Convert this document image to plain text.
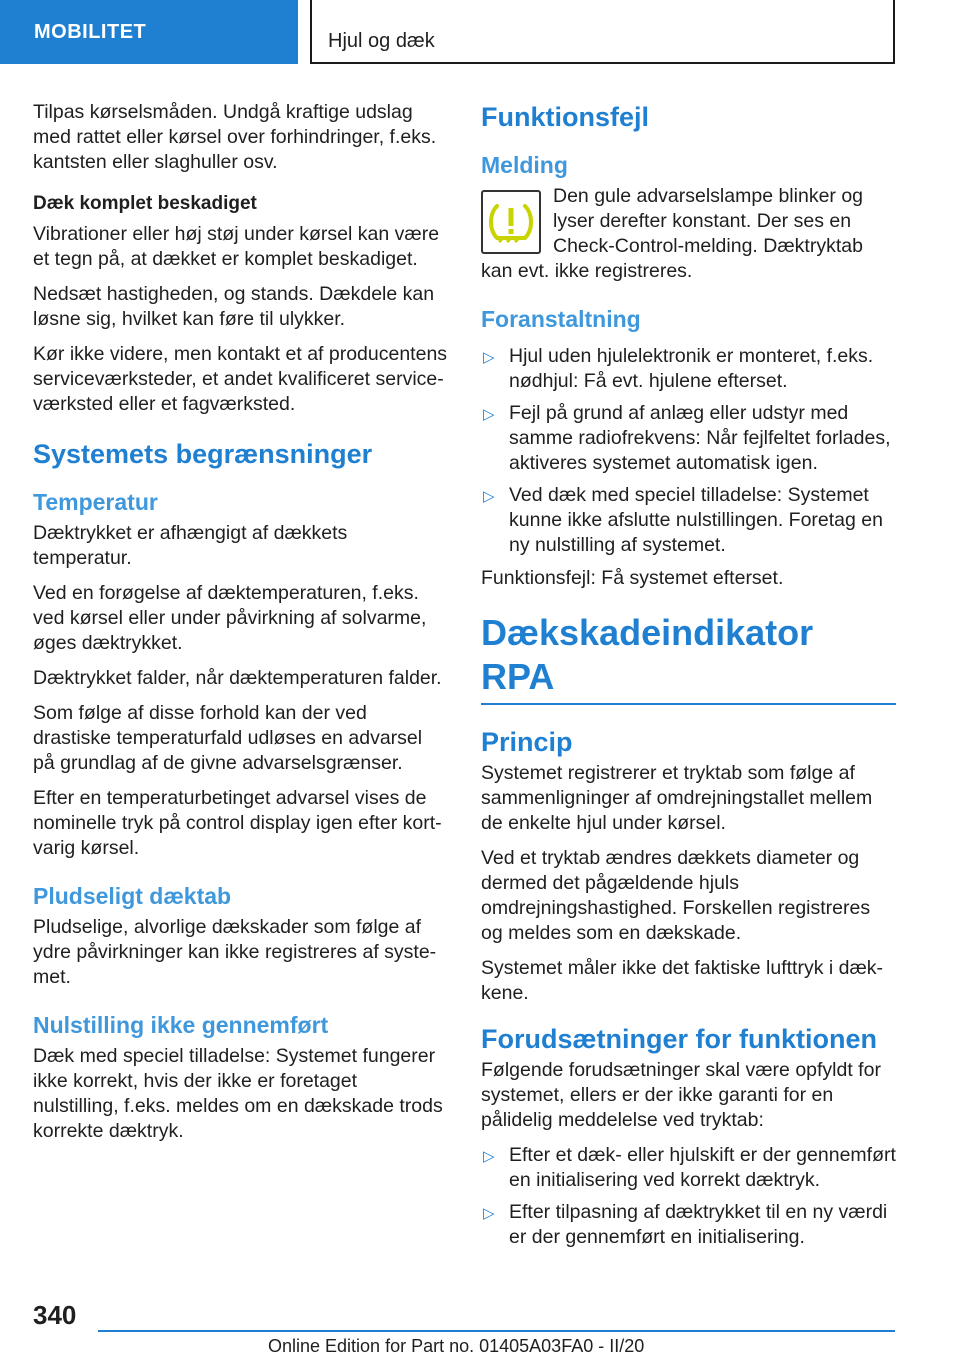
MOBILITET	Hjul og dæk

Tilpas kørselsmåden. Undgå kraftige udslag med rattet eller kørsel over forhindringer, f.eks. kantsten eller slaghuller osv.

Dæk komplet beskadiget

Vibrationer eller høj støj under kørsel kan være et tegn på, at dækket er komplet beskadiget.

Nedsæt hastigheden, og stands. Dækdele kan løsne sig, hvilket kan føre til ulykker.

Kør ikke videre, men kontakt et af producentens serviceværksteder, et andet kvalificeret serviceværksted eller et fagværksted.

Systemets begrænsninger
Temperatur

Dæktrykket er afhængigt af dækkets temperatur.

Ved en forøgelse af dæktemperaturen, f.eks. ved kørsel eller under påvirkning af solvarme, øges dæktrykket.

Dæktrykket falder, når dæktemperaturen falder.

Som følge af disse forhold kan der ved drastiske temperaturfald udløses en advarsel på grundlag af de givne advarselsgrænser.

Efter en temperaturbetinget advarsel vises de nominelle tryk på control display igen efter kortvarig kørsel.

Pludseligt dæktab

Pludselige, alvorlige dækskader som følge af ydre påvirkninger kan ikke registreres af systemet.

Nulstilling ikke gennemført

Dæk med speciel tilladelse: Systemet fungerer ikke korrekt, hvis der ikke er foretaget nulstilling, f.eks. meldes om en dækskade trods korrekte dæktryk.

Funktionsfejl
Melding

Den gule advarselslampe blinker og lyser derefter konstant. Der ses en Check-Control-melding. Dæktryktab kan evt. ikke registreres.

Foranstaltning
▷ Hjul uden hjulelektronik er monteret, f.eks. nødhjul: Få evt. hjulene efterset.
▷ Fejl på grund af anlæg eller udstyr med samme radiofrekvens: Når fejlfeltet forlades, aktiveres systemet automatisk igen.
▷ Ved dæk med speciel tilladelse: Systemet kunne ikke afslutte nulstillingen. Foretag en ny nulstilling af systemet.

Funktionsfejl: Få systemet efterset.

Dækskadeindikator RPA
Princip

Systemet registrerer et tryktab som følge af sammenligninger af omdrejningstallet mellem de enkelte hjul under kørsel.

Ved et tryktab ændres dækkets diameter og dermed det pågældende hjuls omdrejningshastighed. Forskellen registreres og meldes som en dækskade.

Systemet måler ikke det faktiske lufttryk i dækkene.

Forudsætninger for funktionen

Følgende forudsætninger skal være opfyldt for systemet, ellers er der ikke garanti for en pålidelig meddelelse ved tryktab:

▷ Efter et dæk- eller hjulskift er der gennemført en initialisering ved korrekt dæktryk.
▷ Efter tilpasning af dæktrykket til en ny værdi er der gennemført en initialisering.
340
Online Edition for Part no. 01405A03FA0 - II/20
